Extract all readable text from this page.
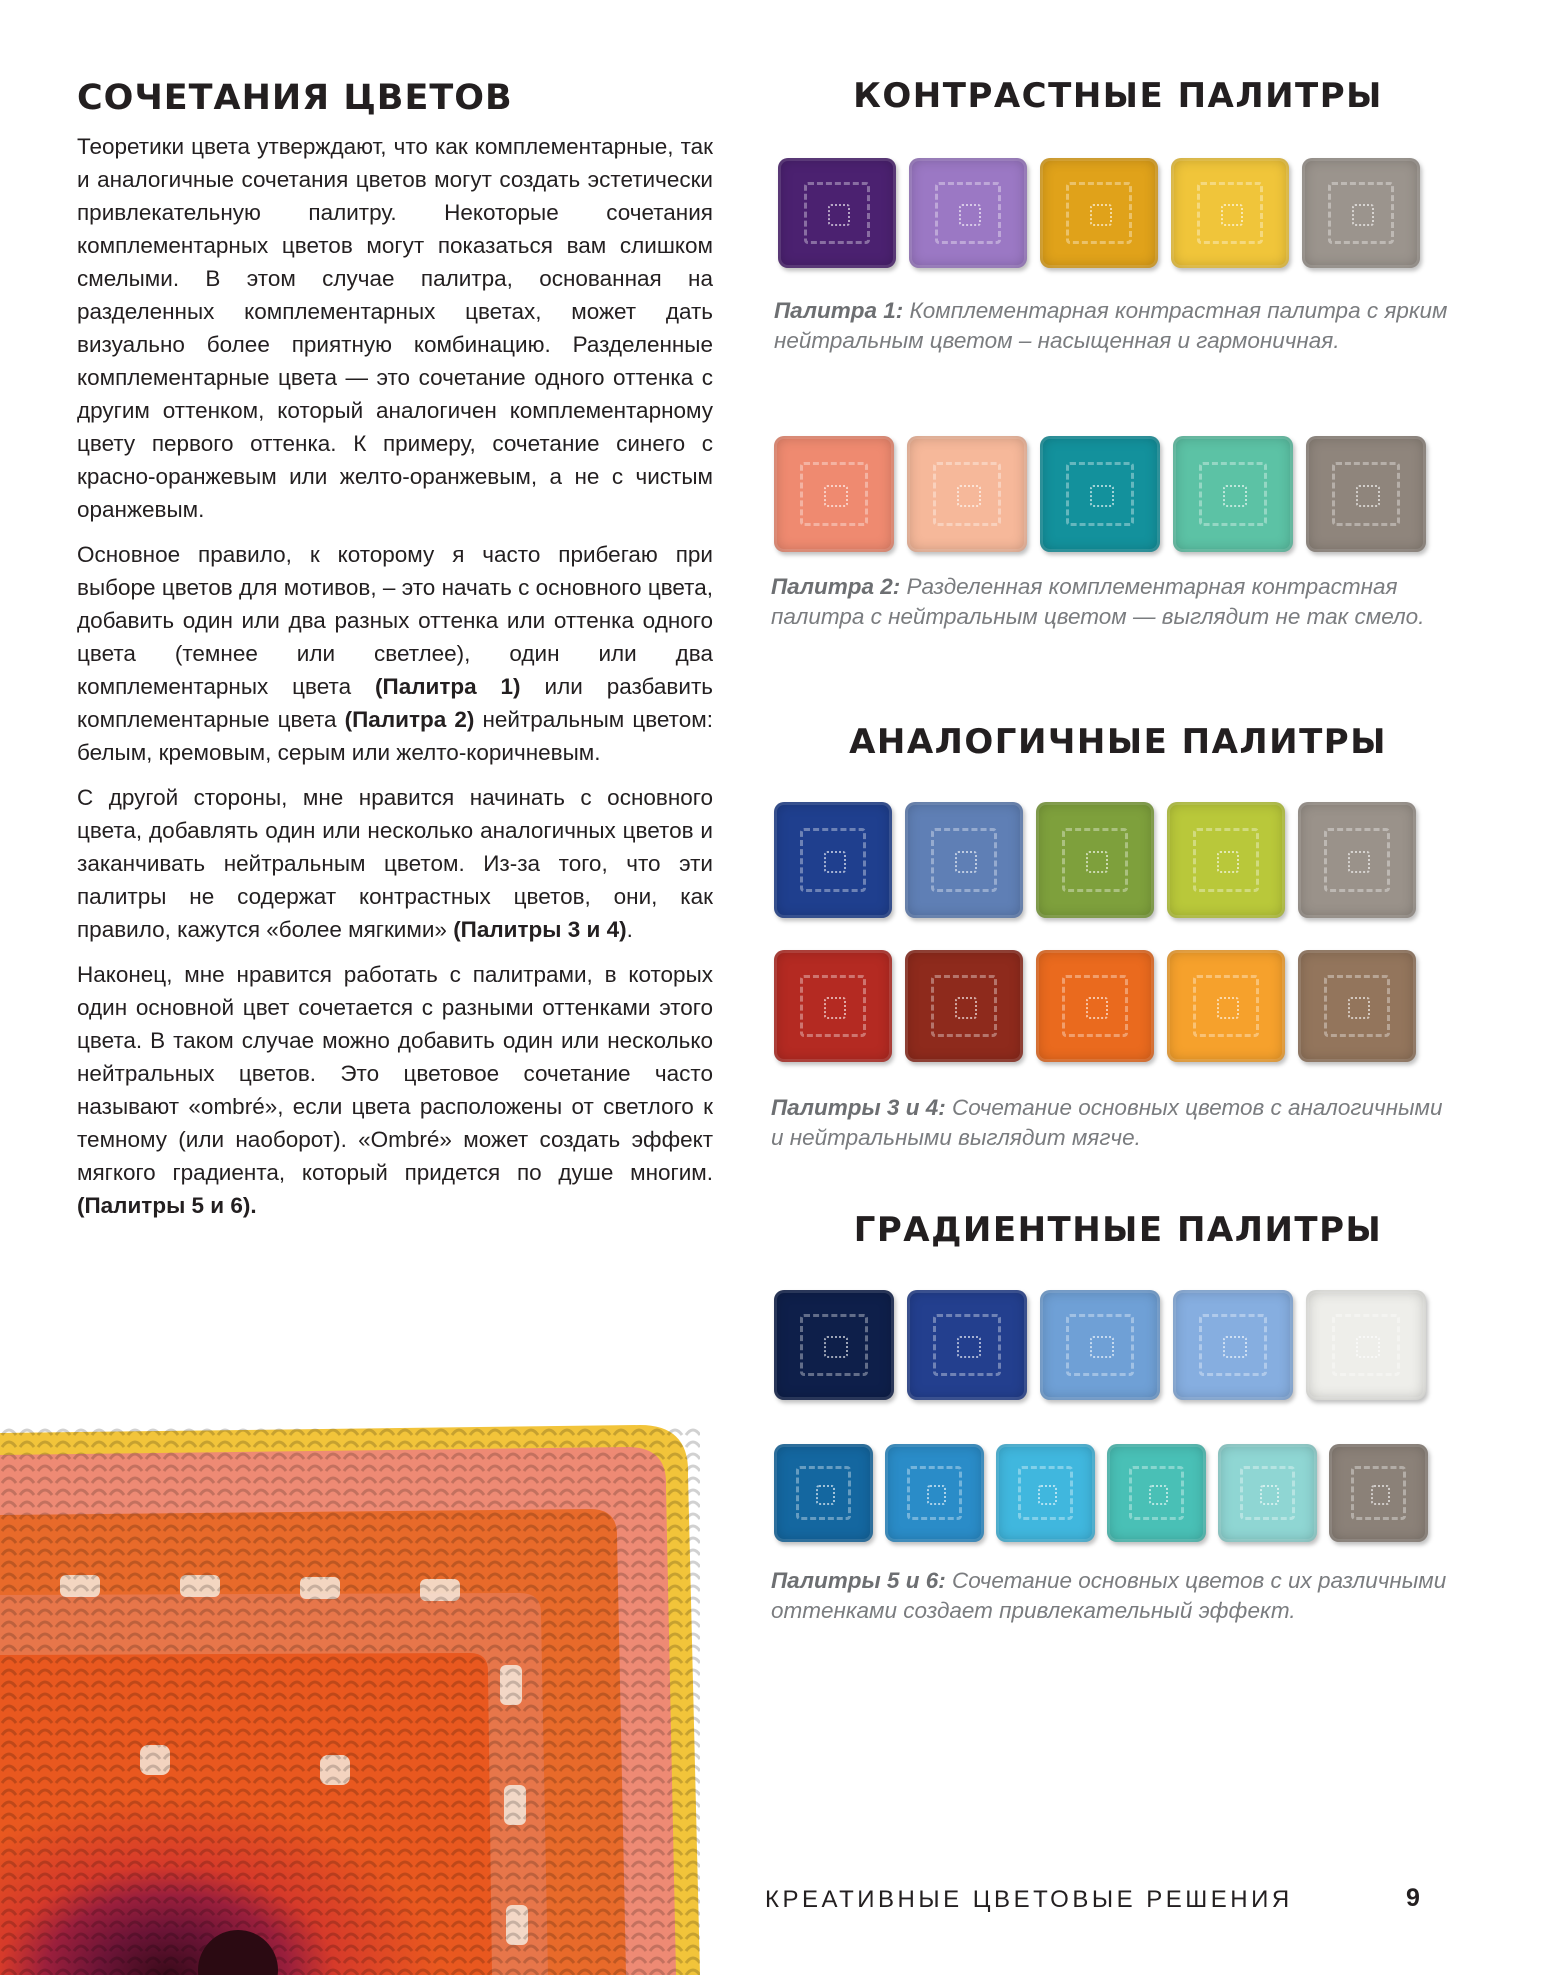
СОЧЕТАНИЯ ЦВЕТОВ

Теоретики цвета утверждают, что как комплементарные, так и аналогичные сочетания цветов могут создать эстетически привлекательную палитру. Некоторые сочетания комплементарных цветов могут показаться вам слишком смелыми. В этом случае палитра, основанная на разделенных комплементарных цветах, может дать визуально более приятную комбинацию. Разделенные комплементарные цвета — это сочетание одного оттенка с другим оттенком, который аналогичен комплементарному цвету первого оттенка. К примеру, сочетание синего с красно-оранжевым или желто-оранжевым, а не с чистым оранжевым.

Основное правило, к которому я часто прибегаю при выборе цветов для мотивов, – это начать с основного цвета, добавить один или два разных оттенка или оттенка одного цвета (темнее или светлее), один или два комплементарных цвета (Палитра 1) или разбавить комплементарные цвета (Палитра 2) нейтральным цветом: белым, кремовым, серым или желто-коричневым.

С другой стороны, мне нравится начинать с основного цвета, добавлять один или несколько аналогичных цветов и заканчивать нейтральным цветом. Из-за того, что эти палитры не содержат контрастных цветов, они, как правило, кажутся «более мягкими» (Палитры 3 и 4).

Наконец, мне нравится работать с палитрами, в которых один основной цвет сочетается с разными оттенками этого цвета. В таком случае можно добавить один или несколько нейтральных цветов. Это цветовое сочетание часто называют «ombré», если цвета расположены от светлого к темному (или наоборот). «Ombré» может создать эффект мягкого градиента, который придется по душе многим. (Палитры 5 и 6).

КОНТРАСТНЫЕ ПАЛИТРЫ
Палитра 1: Комплементарная контрастная палитра с ярким нейтральным цветом – насыщенная и гармоничная.
Палитра 2: Разделенная комплементарная контрастная палитра с нейтральным цветом — выглядит не так смело.
АНАЛОГИЧНЫЕ ПАЛИТРЫ
Палитры 3 и 4: Сочетание основных цветов с аналогичными и нейтральными выглядит мягче.
ГРАДИЕНТНЫЕ ПАЛИТРЫ
Палитры 5 и 6: Сочетание основных цветов с их различными оттенками создает привлекательный эффект.
КРЕАТИВНЫЕ ЦВЕТОВЫЕ РЕШЕНИЯ	9
